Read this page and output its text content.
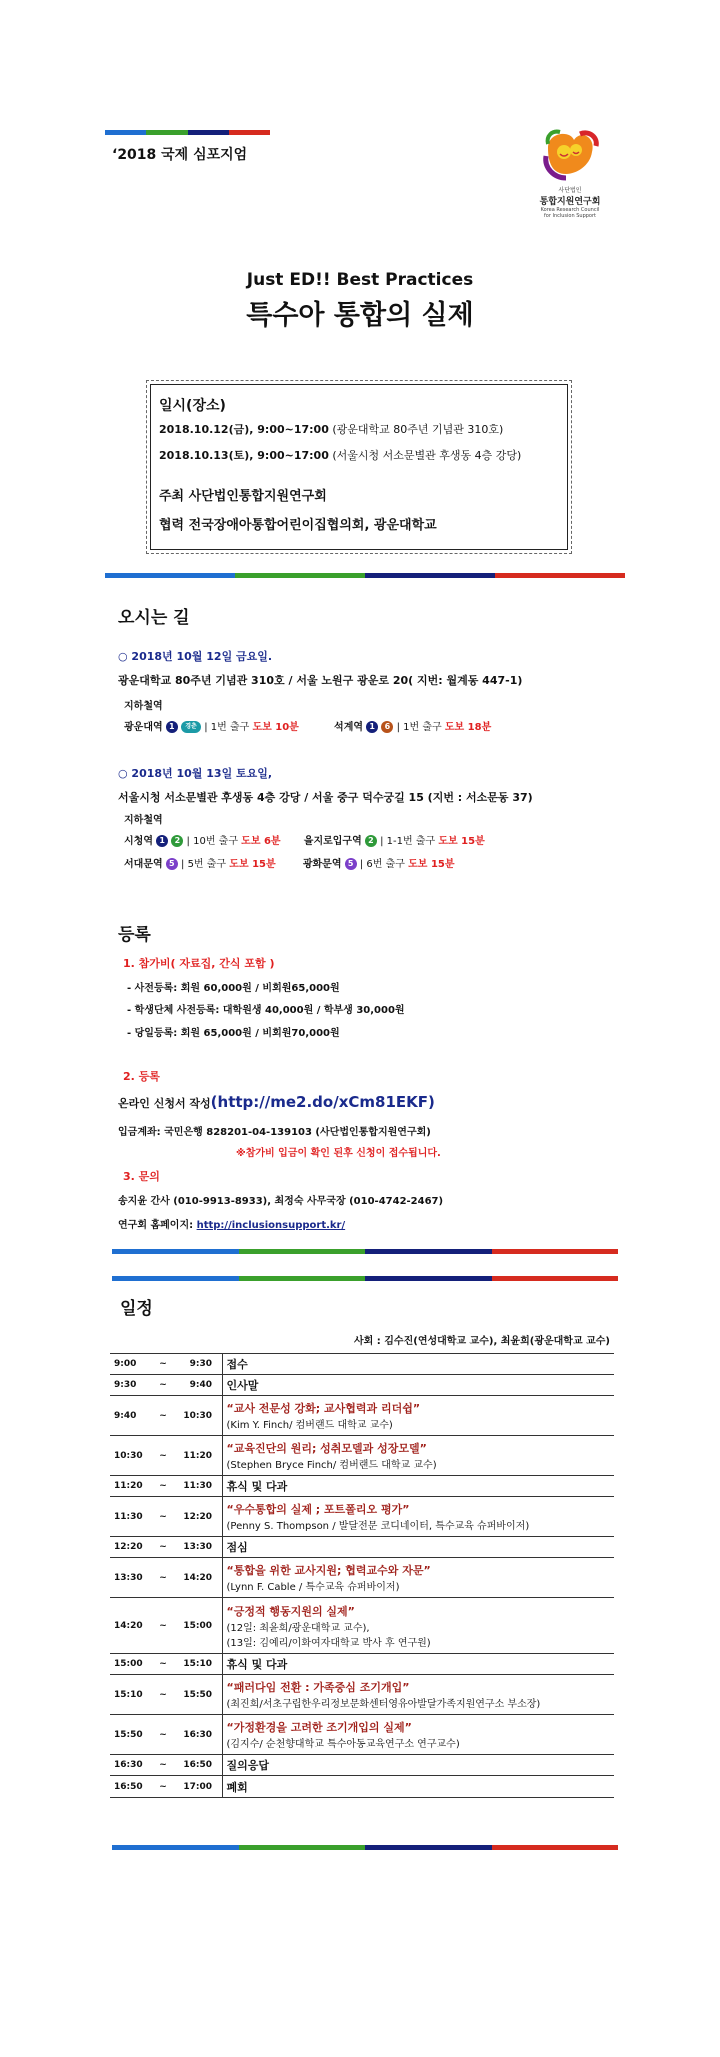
‘2018 국제 심포지엄
사단법인
통합지원연구회
Korea Research Council
for Inclusion Support
Just ED!! Best Practices
특수아 통합의 실제
일시(장소)
2018.10.12(금), 9:00~17:00 (광운대학교 80주년 기념관 310호)
2018.10.13(토), 9:00~17:00 (서울시청 서소문별관 후생동 4층 강당)
주최 사단법인통합지원연구회
협력 전국장애아통합어린이집협의회, 광운대학교
오시는 길
○ 2018년 10월 12일 금요일.
광운대학교 80주년 기념관 310호 / 서울 노원구 광운로 20( 지번: 월계동 447-1)
지하철역
광운대역 1 경춘 | 1번 출구 도보 10분	석계역 1 6 | 1번 출구 도보 18분
○ 2018년 10월 13일 토요일,
서울시청 서소문별관 후생동 4층 강당 / 서울 중구 덕수궁길 15 (지번 : 서소문동 37)
지하철역
시청역 1 2 | 10번 출구 도보 6분 을지로입구역 2 | 1-1번 출구 도보 15분
서대문역 5 | 5번 출구 도보 15분	광화문역 5 | 6번 출구 도보 15분
등록
1. 참가비( 자료집, 간식 포함 )
- 사전등록: 회원 60,000원 / 비회원65,000원
- 학생단체 사전등록: 대학원생 40,000원 / 학부생 30,000원
- 당일등록: 회원 65,000원 / 비회원70,000원
2. 등록
온라인 신청서 작성(http://me2.do/xCm81EKF)
입금계좌: 국민은행 828201-04-139103 (사단법인통합지원연구회)
※참가비 입금이 확인 된후 신청이 접수됩니다.
3. 문의
송지윤 간사 (010-9913-8933), 최정숙 사무국장 (010-4742-2467)
연구회 홈페이지: http://inclusionsupport.kr/
일정
사회 : 김수진(연성대학교 교수), 최윤희(광운대학교 교수)
9:00 ~ 9:30	접수

9:30 ~ 9:40	인사말

9:40 ~ 10:30	“교사 전문성 강화; 교사협력과 리더쉽”
(Kim Y. Finch/ 컴버랜드 대학교 교수)

10:30 ~ 11:20	“교육진단의 원리; 성취모델과 성장모델”
(Stephen Bryce Finch/ 컴버랜드 대학교 교수)

11:20 ~ 11:30	휴식 및 다과

11:30 ~ 12:20	“우수통합의 실제 ; 포트폴리오 평가”
(Penny S. Thompson / 발달전문 코디네이터, 특수교육 슈퍼바이저)

12:20 ~ 13:30	점심

13:30 ~ 14:20	“통합을 위한 교사지원; 협력교수와 자문”
(Lynn F. Cable / 특수교육 슈퍼바이저)

14:20 ~ 15:00	“긍정적 행동지원의 실제”
(12일: 최윤희/광운대학교 교수),
(13일: 김예리/이화여자대학교 박사 후 연구원)

15:00 ~ 15:10	휴식 및 다과

15:10 ~ 15:50	“패러다임 전환 : 가족중심 조기개입”
(최진희/서초구립한우리정보문화센터영유아발달가족지원연구소 부소장)

15:50 ~ 16:30	“가정환경을 고려한 조기개입의 실제”
(김지수/ 순천향대학교 특수아동교육연구소 연구교수)

16:30 ~ 16:50	질의응답

16:50 ~ 17:00	폐회
